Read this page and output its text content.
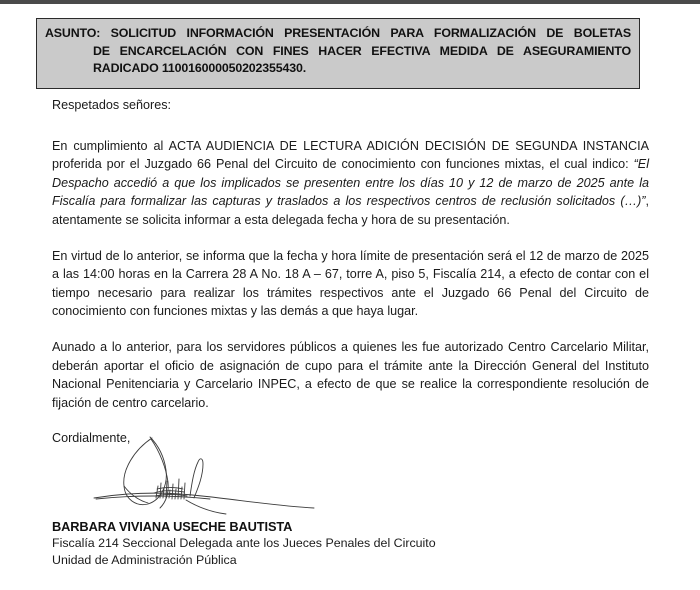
ASUNTO: SOLICITUD INFORMACIÓN PRESENTACIÓN PARA FORMALIZACIÓN DE BOLETAS
DE ENCARCELACIÓN CON FINES HACER EFECTIVA MEDIDA DE ASEGURAMIENTO
RADICADO 110016000050202355430.
Respetados señores:

En cumplimiento al ACTA AUDIENCIA DE LECTURA ADICIÓN DECISIÓN DE SEGUNDA INSTANCIA proferida por el Juzgado 66 Penal del Circuito de conocimiento con funciones mixtas, el cual indico: “El Despacho accedió a que los implicados se presenten entre los días 10 y 12 de marzo de 2025 ante la Fiscalía para formalizar las capturas y traslados a los respectivos centros de reclusión solicitados (…)”, atentamente se solicita informar a esta delegada fecha y hora de su presentación.

En virtud de lo anterior, se informa que la fecha y hora límite de presentación será el 12 de marzo de 2025 a las 14:00 horas en la Carrera 28 A No. 18 A – 67, torre A, piso 5, Fiscalía 214, a efecto de contar con el tiempo necesario para realizar los trámites respectivos ante el Juzgado 66 Penal del Circuito de conocimiento con funciones mixtas y las demás a que haya lugar.

Aunado a lo anterior, para los servidores públicos a quienes les fue autorizado Centro Carcelario Militar, deberán aportar el oficio de asignación de cupo para el trámite ante la Dirección General del Instituto Nacional Penitenciaria y Carcelario INPEC, a efecto de que se realice la correspondiente resolución de fijación de centro carcelario.

Cordialmente,
BARBARA VIVIANA USECHE BAUTISTA
Fiscalía 214 Seccional Delegada ante los Jueces Penales del Circuito
Unidad de Administración Pública
